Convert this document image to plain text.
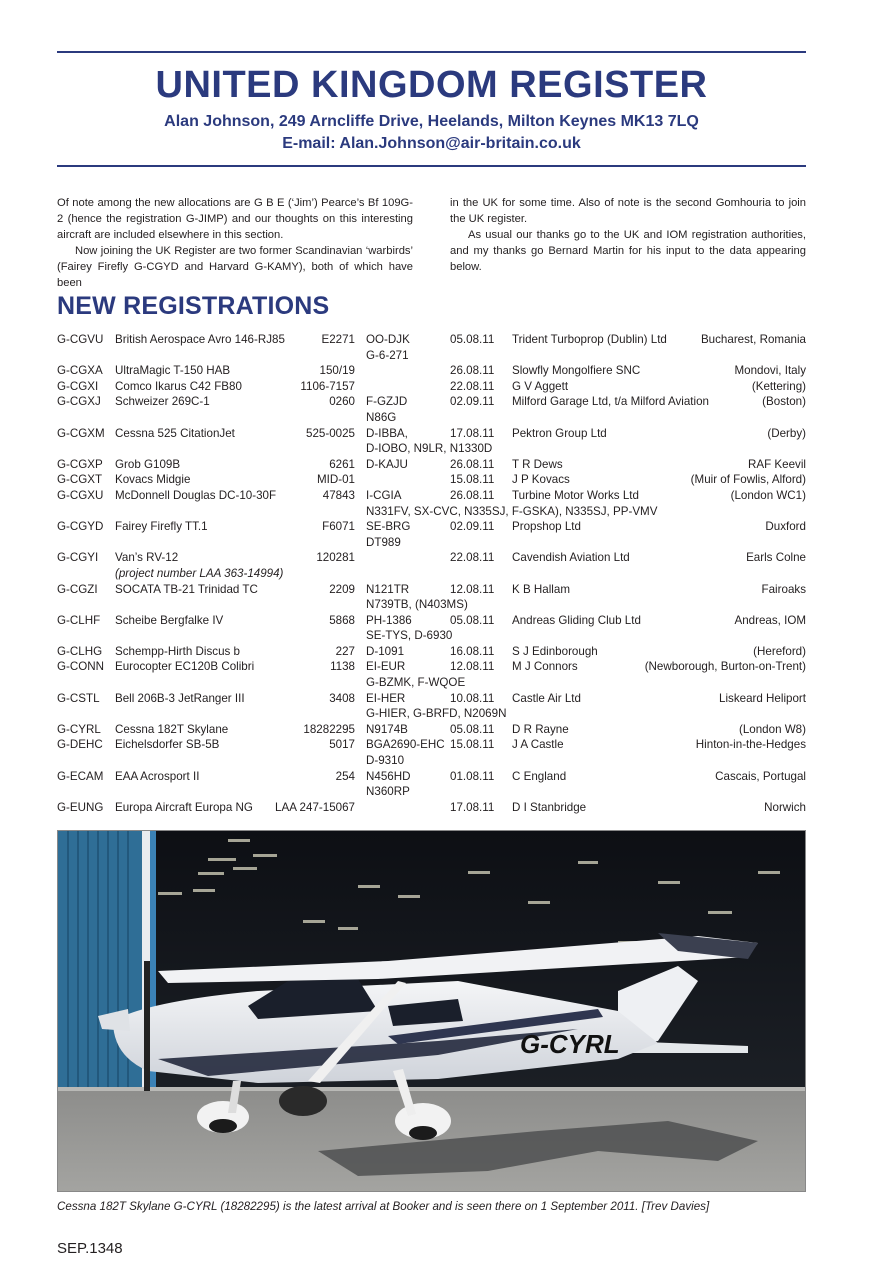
UNITED KINGDOM REGISTER
Alan Johnson, 249 Arncliffe Drive, Heelands, Milton Keynes MK13 7LQ
E-mail: Alan.Johnson@air-britain.co.uk

Of note among the new allocations are G B E (‘Jim’) Pearce’s Bf 109G-2 (hence the registration G-JIMP) and our thoughts on this interesting aircraft are included elsewhere in this section.

Now joining the UK Register are two former Scandinavian ‘warbirds’ (Fairey Firefly G-CGYD and Harvard G-KAMY), both of which have been

in the UK for some time. Also of note is the second Gomhouria to join the UK register.

As usual our thanks go to the UK and IOM registration authorities, and my thanks go Bernard Martin for his input to the data appearing below.

NEW REGISTRATIONS
G-CGVU British Aerospace Avro 146-RJ85	E2271 OO-DJK	05.08.11 Trident Turboprop (Dublin) Ltd	Bucharest, Romania
G-6-271
G-CGXA UltraMagic T-150 HAB	150/19	26.08.11 Slowfly Mongolfiere SNC	Mondovi, Italy
G-CGXI Comco Ikarus C42 FB80	1106-7157	22.08.11 G V Aggett	(Kettering)
G-CGXJ Schweizer 269C-1	0260 F-GZJD	02.09.11 Milford Garage Ltd, t/a Milford Aviation	(Boston)
N86G
G-CGXM Cessna 525 CitationJet	525-0025 D-IBBA,	17.08.11 Pektron Group Ltd	(Derby)
D-IOBO, N9LR, N1330D
G-CGXP Grob G109B	6261 D-KAJU	26.08.11 T R Dews	RAF Keevil
G-CGXT Kovacs Midgie	MID-01	15.08.11 J P Kovacs	(Muir of Fowlis, Alford)
G-CGXU McDonnell Douglas DC-10-30F	47843 I-CGIA	26.08.11 Turbine Motor Works Ltd	(London WC1)
N331FV, SX-CVC, N335SJ, F-GSKA), N335SJ, PP-VMV
G-CGYD Fairey Firefly TT.1	F6071 SE-BRG	02.09.11 Propshop Ltd	Duxford
DT989
G-CGYI Van’s RV-12	120281	22.08.11 Cavendish Aviation Ltd	Earls Colne
(project number LAA 363-14994)
G-CGZI SOCATA TB-21 Trinidad TC	2209 N121TR	12.08.11 K B Hallam	Fairoaks
N739TB, (N403MS)
G-CLHF Scheibe Bergfalke IV	5868 PH-1386	05.08.11 Andreas Gliding Club Ltd	Andreas, IOM
SE-TYS, D-6930
G-CLHG Schempp-Hirth Discus b	227 D-1091	16.08.11 S J Edinborough	(Hereford)
G-CONN Eurocopter EC120B Colibri	1138 EI-EUR	12.08.11 M J Connors	(Newborough, Burton-on-Trent)
G-BZMK, F-WQOE
G-CSTL Bell 206B-3 JetRanger III	3408 EI-HER	10.08.11 Castle Air Ltd	Liskeard Heliport
G-HIER, G-BRFD, N2069N
G-CYRL Cessna 182T Skylane	18282295 N9174B	05.08.11 D R Rayne	(London W8)
G-DEHC Eichelsdorfer SB-5B	5017 BGA2690-EHC 15.08.11 J A Castle	Hinton-in-the-Hedges
D-9310
G-ECAM EAA Acrosport II	254 N456HD	01.08.11 C England	Cascais, Portugal
N360RP
G-EUNG Europa Aircraft Europa NG LAA 247-15067	17.08.11 D I Stanbridge	Norwich
G-CYRL
Cessna 182T Skylane G-CYRL (18282295) is the latest arrival at Booker and is seen there on 1 September 2011. [Trev Davies]
SEP.1348
